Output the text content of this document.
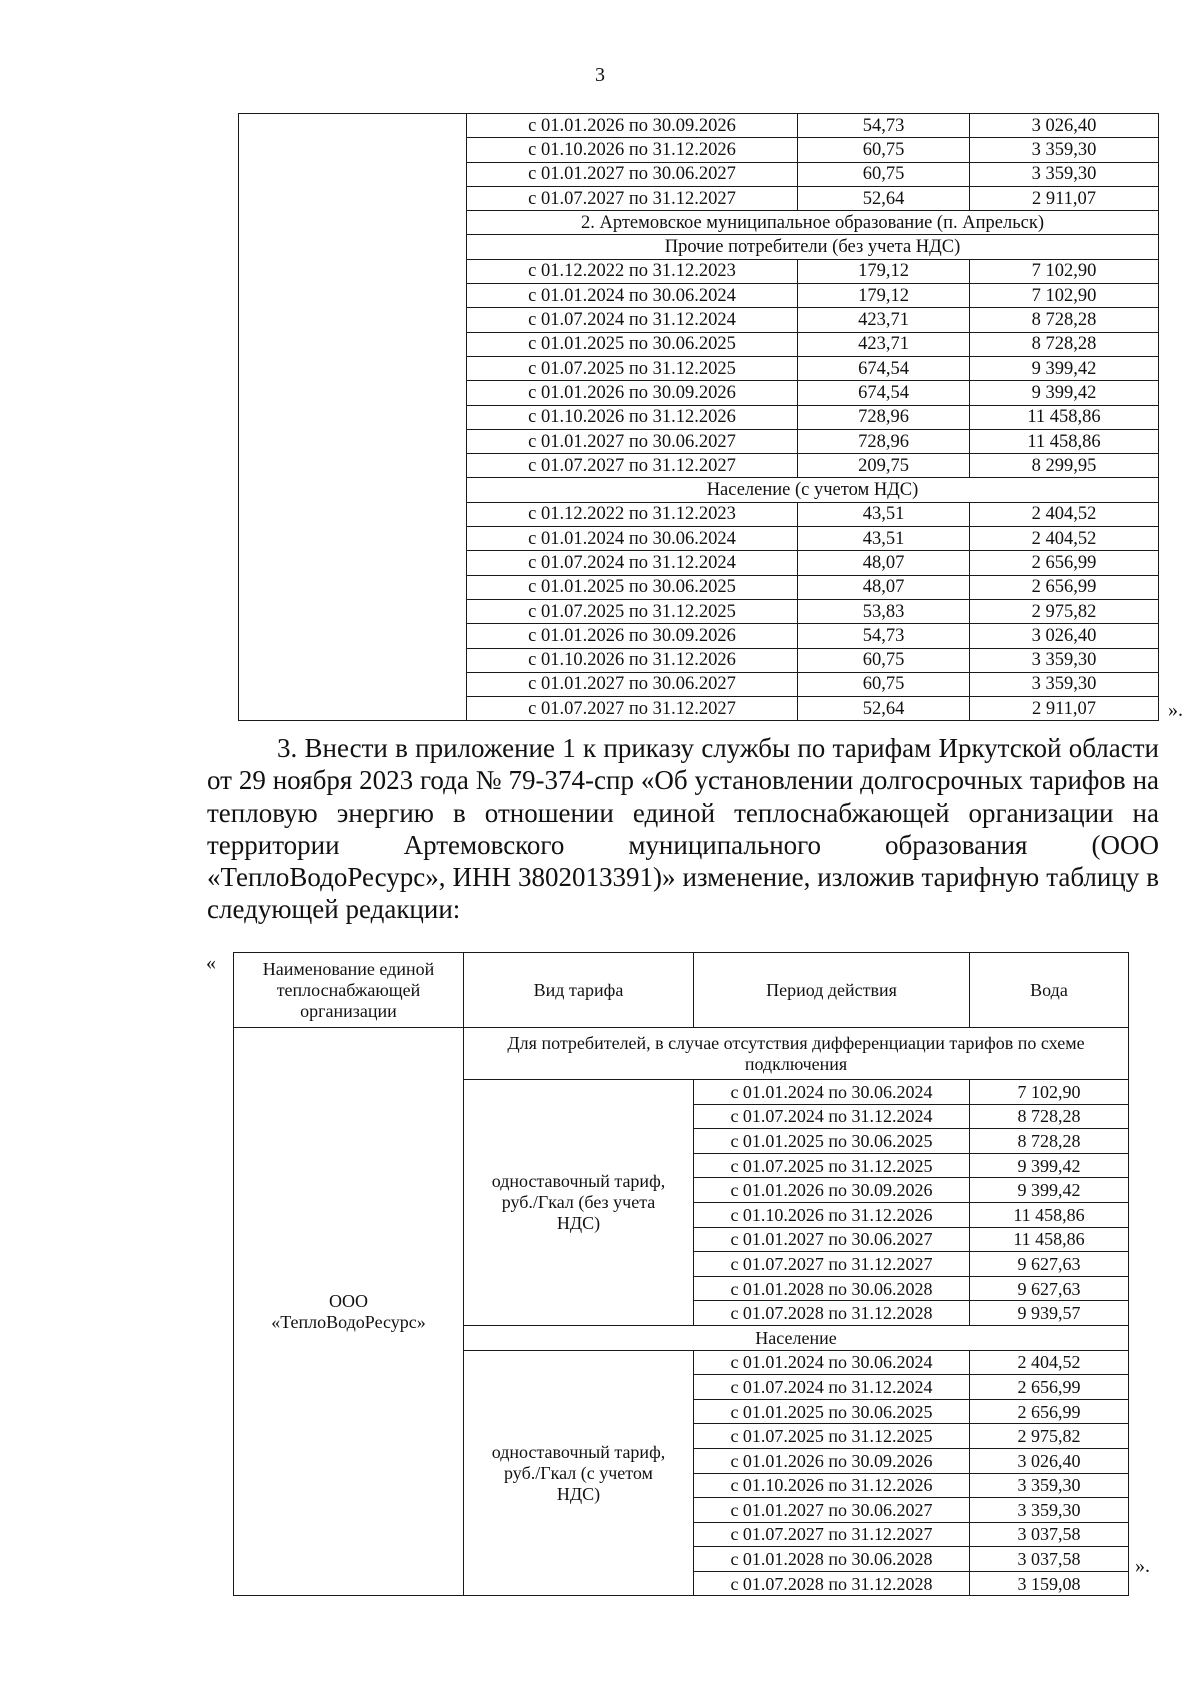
3
	с 01.01.2026 по 30.09.2026	54,73	3 026,40
	с 01.10.2026 по 31.12.2026	60,75	3 359,30
	с 01.01.2027 по 30.06.2027	60,75	3 359,30
	с 01.07.2027 по 31.12.2027	52,64	2 911,07
	2. Артемовское муниципальное образование (п. Апрельск)		
	Прочие потребители (без учета НДС)		
	с 01.12.2022 по 31.12.2023	179,12	7 102,90
	с 01.01.2024 по 30.06.2024	179,12	7 102,90
	с 01.07.2024 по 31.12.2024	423,71	8 728,28
	с 01.01.2025 по 30.06.2025	423,71	8 728,28
	с 01.07.2025 по 31.12.2025	674,54	9 399,42
	с 01.01.2026 по 30.09.2026	674,54	9 399,42
	с 01.10.2026 по 31.12.2026	728,96	11 458,86
	с 01.01.2027 по 30.06.2027	728,96	11 458,86
	с 01.07.2027 по 31.12.2027	209,75	8 299,95
	Население (с учетом НДС)		
	с 01.12.2022 по 31.12.2023	43,51	2 404,52
	с 01.01.2024 по 30.06.2024	43,51	2 404,52
	с 01.07.2024 по 31.12.2024	48,07	2 656,99
	с 01.01.2025 по 30.06.2025	48,07	2 656,99
	с 01.07.2025 по 31.12.2025	53,83	2 975,82
	с 01.01.2026 по 30.09.2026	54,73	3 026,40
	с 01.10.2026 по 31.12.2026	60,75	3 359,30
	с 01.01.2027 по 30.06.2027	60,75	3 359,30
	с 01.07.2027 по 31.12.2027	52,64	2 911,07	».
3. Внести в приложение 1 к приказу службы по тарифам Иркутской области от 29 ноября 2023 года № 79-374-спр «Об установлении долгосрочных тарифов на тепловую энергию в отношении единой теплоснабжающей организации на территории Артемовского муниципального образования (ООО «ТеплоВодоРесурс», ИНН 3802013391)» изменение, изложив тарифную таблицу в следующей редакции:
«	Наименование единой теплоснабжающей организации	Вид тарифа	Период действия	Вода
ООО «ТеплоВодоРесурс»	Для потребителей, в случае отсутствия дифференциации тарифов по схеме подключения		
	одноставочный тариф, руб./Гкал (без учета НДС)	с 01.01.2024 по 30.06.2024	7 102,90
		с 01.07.2024 по 31.12.2024	8 728,28
		с 01.01.2025 по 30.06.2025	8 728,28
		с 01.07.2025 по 31.12.2025	9 399,42
		с 01.01.2026 по 30.09.2026	9 399,42
		с 01.10.2026 по 31.12.2026	11 458,86
		с 01.01.2027 по 30.06.2027	11 458,86
		с 01.07.2027 по 31.12.2027	9 627,63
		с 01.01.2028 по 30.06.2028	9 627,63
		с 01.07.2028 по 31.12.2028	9 939,57
	Население		
	одноставочный тариф, руб./Гкал (с учетом НДС)	с 01.01.2024 по 30.06.2024	2 404,52
		с 01.07.2024 по 31.12.2024	2 656,99
		с 01.01.2025 по 30.06.2025	2 656,99
		с 01.07.2025 по 31.12.2025	2 975,82
		с 01.01.2026 по 30.09.2026	3 026,40
		с 01.10.2026 по 31.12.2026	3 359,30
		с 01.01.2027 по 30.06.2027	3 359,30
		с 01.07.2027 по 31.12.2027	3 037,58
		с 01.01.2028 по 30.06.2028	3 037,58
		с 01.07.2028 по 31.12.2028	3 159,08
».
